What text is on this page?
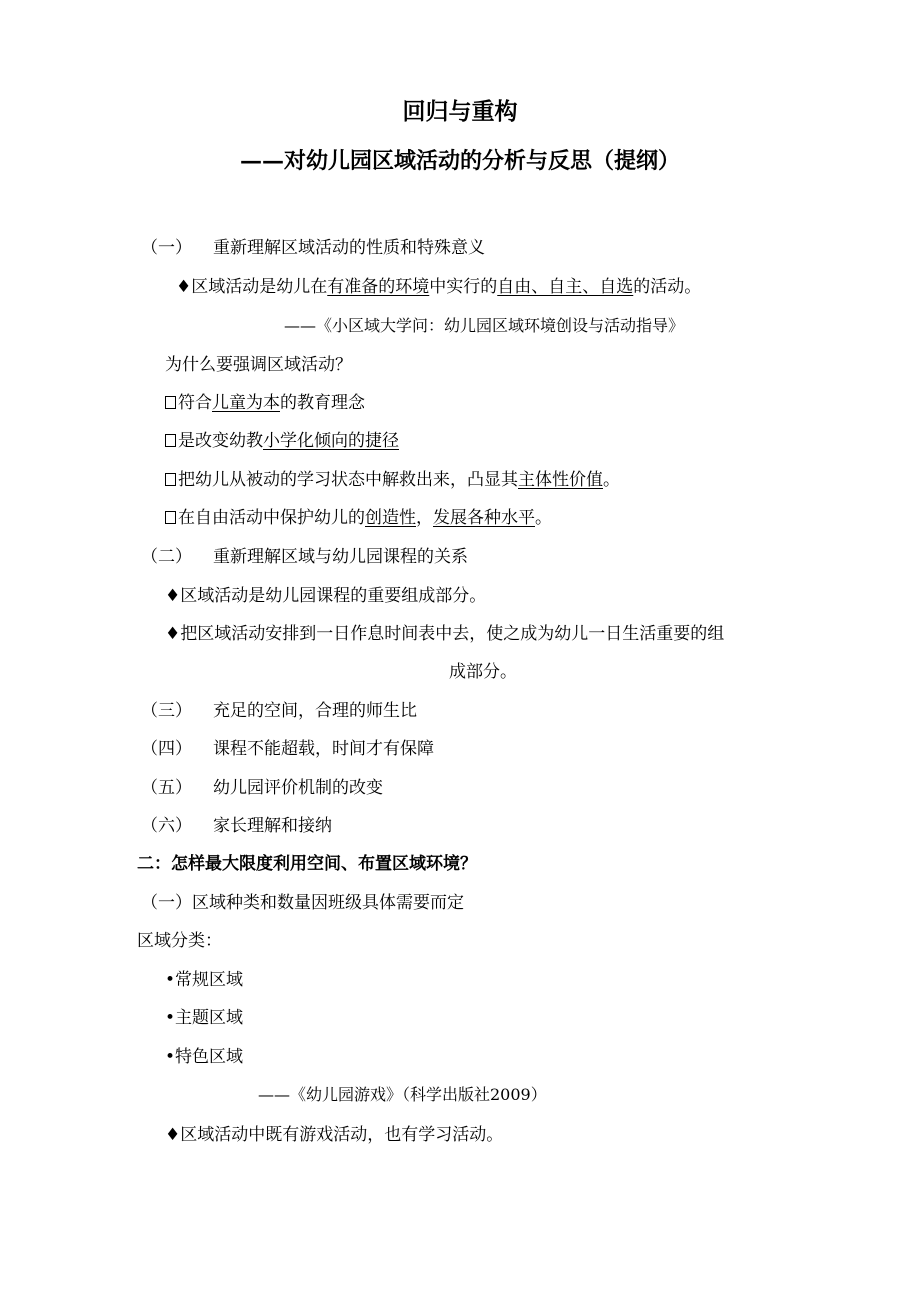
回归与重构
——对幼儿园区域活动的分析与反思（提纲）
（一） 重新理解区域活动的性质和特殊意义
♦区域活动是幼儿在有准备的环境中实行的自由、自主、自选的活动。
——《小区域大学问：幼儿园区域环境创设与活动指导》
为什么要强调区域活动？
符合儿童为本的教育理念
是改变幼教小学化倾向的捷径
把幼儿从被动的学习状态中解救出来，凸显其主体性价值。
在自由活动中保护幼儿的创造性，发展各种水平。
（二） 重新理解区域与幼儿园课程的关系
♦区域活动是幼儿园课程的重要组成部分。
♦把区域活动安排到一日作息时间表中去，使之成为幼儿一日生活重要的组
成部分。
（三） 充足的空间，合理的师生比
（四） 课程不能超载，时间才有保障
（五） 幼儿园评价机制的改变
（六） 家长理解和接纳
二：怎样最大限度利用空间、布置区域环境？
（一）区域种类和数量因班级具体需要而定
区域分类：
•常规区域
•主题区域
•特色区域
——《幼儿园游戏》（科学出版社2009）
♦区域活动中既有游戏活动，也有学习活动。
